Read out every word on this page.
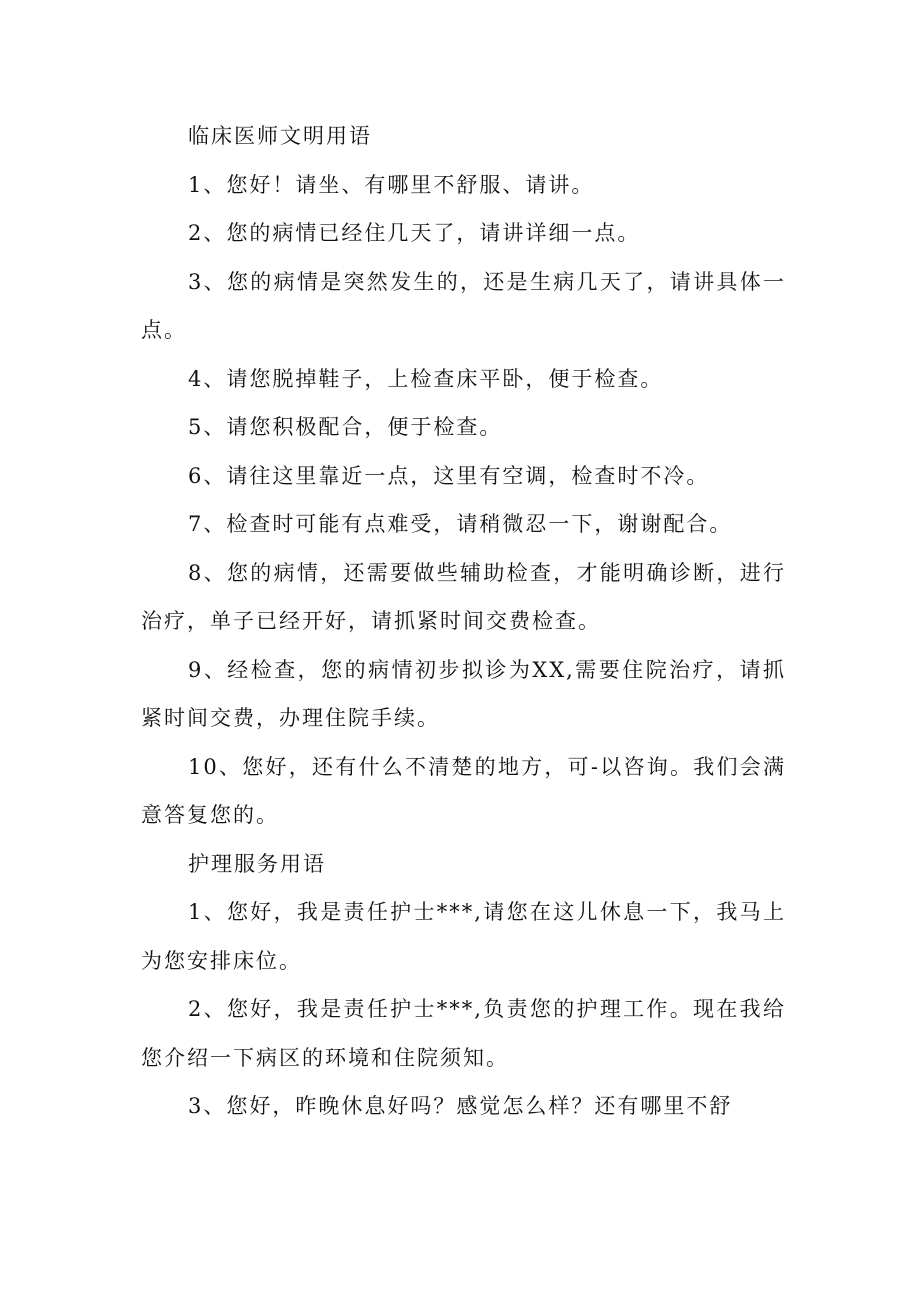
临床医师文明用语

1、您好！请坐、有哪里不舒服、请讲。

2、您的病情已经住几天了，请讲详细一点。

3、您的病情是突然发生的，还是生病几天了，请讲具体一点。

4、请您脱掉鞋子，上检查床平卧，便于检查。

5、请您积极配合，便于检查。

6、请往这里靠近一点，这里有空调，检查时不冷。

7、检查时可能有点难受，请稍微忍一下，谢谢配合。

8、您的病情，还需要做些辅助检查，才能明确诊断，进行治疗，单子已经开好，请抓紧时间交费检查。

9、经检查，您的病情初步拟诊为XX,需要住院治疗，请抓紧时间交费，办理住院手续。

10、您好，还有什么不清楚的地方，可-以咨询。我们会满意答复您的。

护理服务用语

1、您好，我是责任护士***,请您在这儿休息一下，我马上为您安排床位。

2、您好，我是责任护士***,负责您的护理工作。现在我给您介绍一下病区的环境和住院须知。

3、您好，昨晚休息好吗？感觉怎么样？还有哪里不舒
